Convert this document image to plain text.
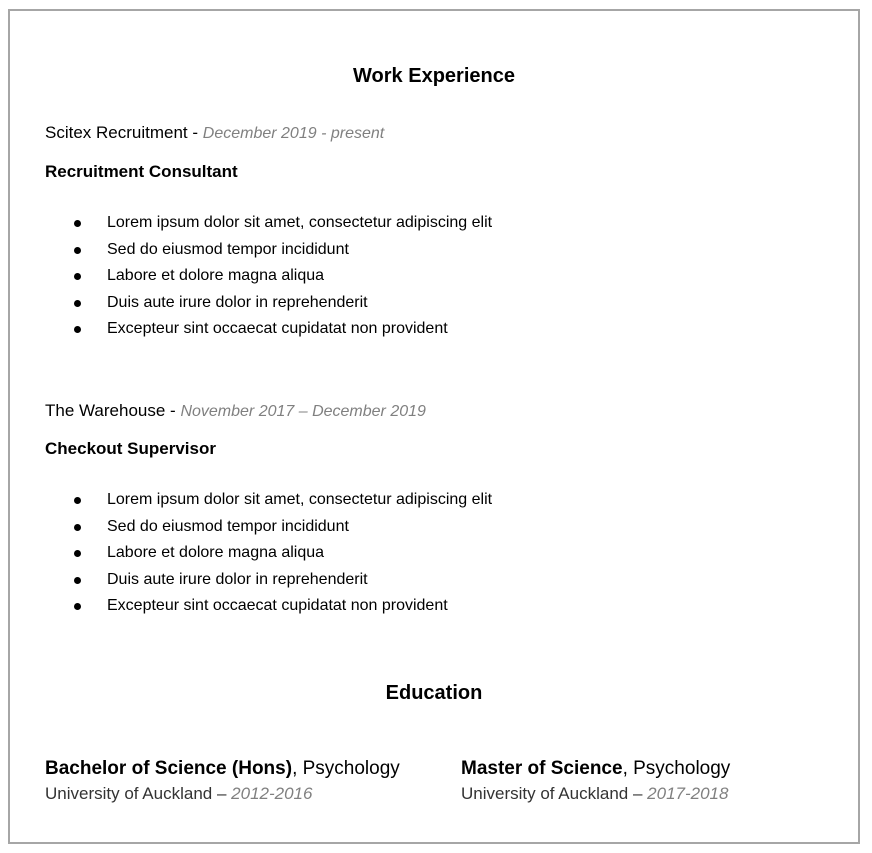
Work Experience
Scitex Recruitment - December 2019 - present
Recruitment Consultant
Lorem ipsum dolor sit amet, consectetur adipiscing elit
Sed do eiusmod tempor incididunt
Labore et dolore magna aliqua
Duis aute irure dolor in reprehenderit
Excepteur sint occaecat cupidatat non provident
The Warehouse - November 2017 – December 2019
Checkout Supervisor
Lorem ipsum dolor sit amet, consectetur adipiscing elit
Sed do eiusmod tempor incididunt
Labore et dolore magna aliqua
Duis aute irure dolor in reprehenderit
Excepteur sint occaecat cupidatat non provident
Education
Bachelor of Science (Hons), Psychology
University of Auckland – 2012-2016
Master of Science, Psychology
University of Auckland – 2017-2018
